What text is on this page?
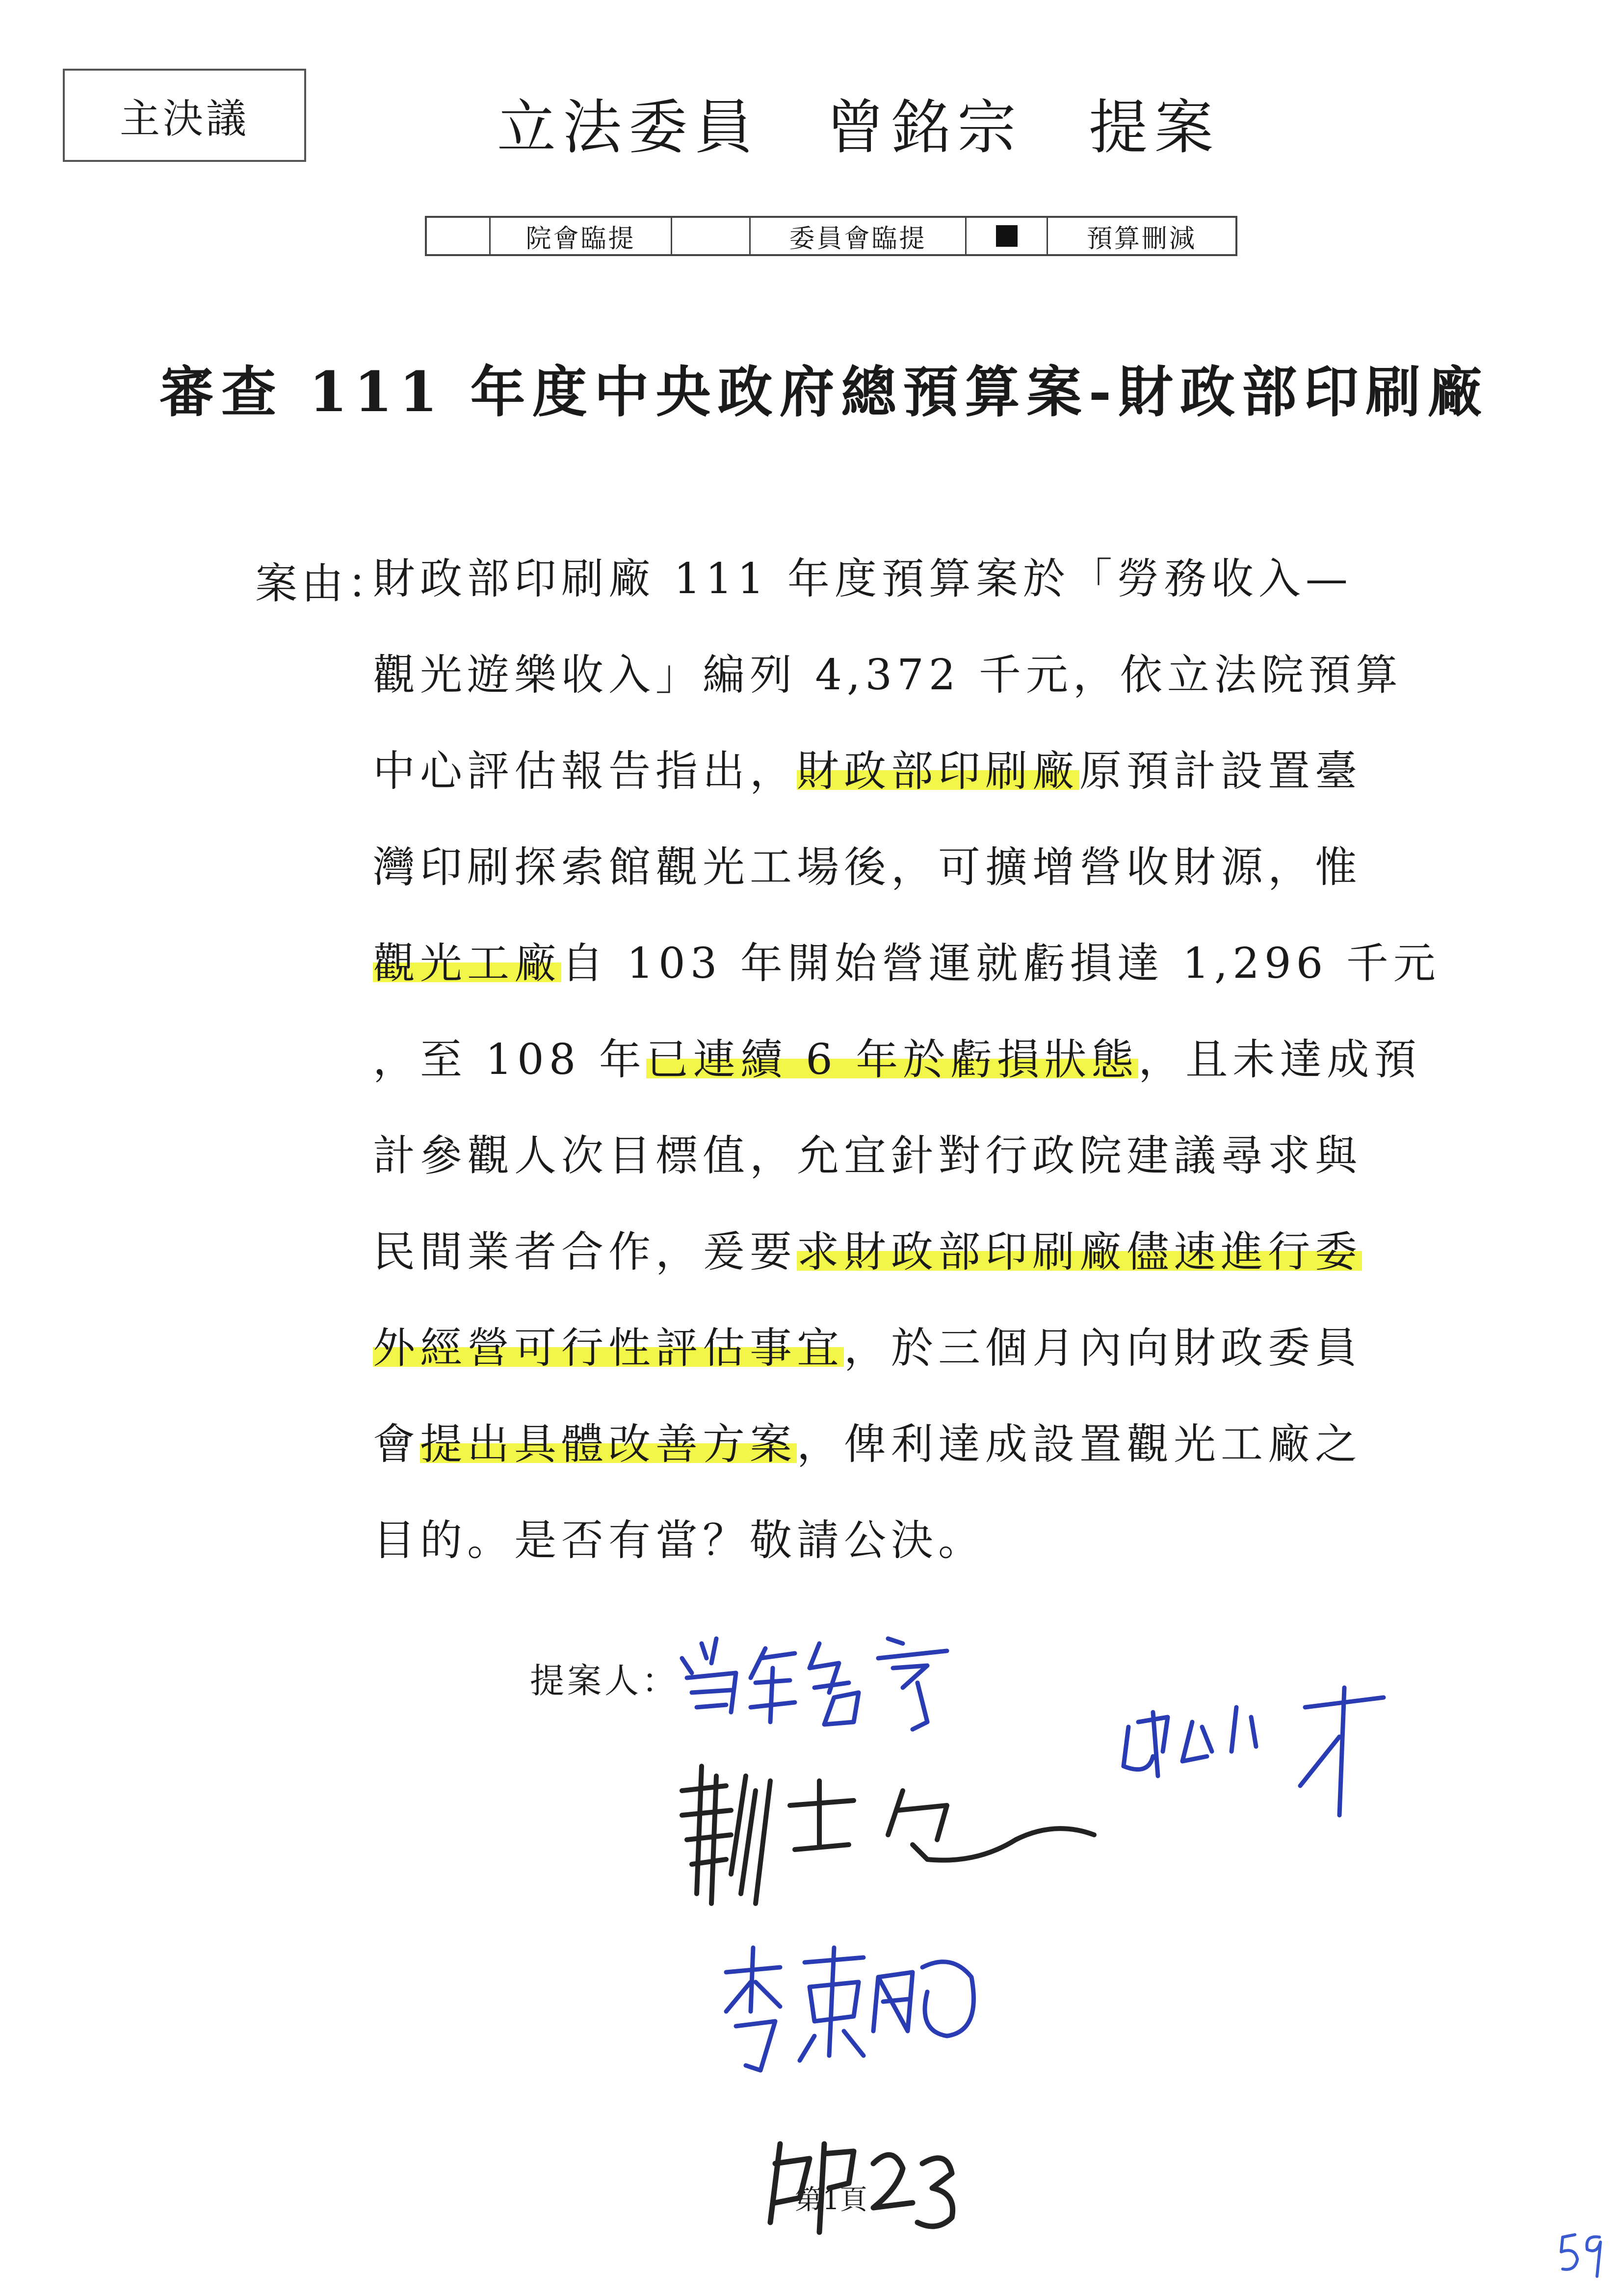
主決議	立法委員　曾銘宗　提案
院會臨提	委員會臨提	預算刪減
審查 111 年度中央政府總預算案-財政部印刷廠
案由：
財政部印刷廠 111 年度預算案於「勞務收入—
觀光遊樂收入」編列 4,372 千元，依立法院預算
中心評估報告指出，財政部印刷廠原預計設置臺
灣印刷探索館觀光工場後，可擴增營收財源，惟
觀光工廠自 103 年開始營運就虧損達 1,296 千元
，至 108 年已連續 6 年於虧損狀態，且未達成預
計參觀人次目標值，允宜針對行政院建議尋求與
民間業者合作，爰要求財政部印刷廠儘速進行委
外經營可行性評估事宜，於三個月內向財政委員
會提出具體改善方案，俾利達成設置觀光工廠之
目的。是否有當？敬請公決。
提案人：
第1頁
